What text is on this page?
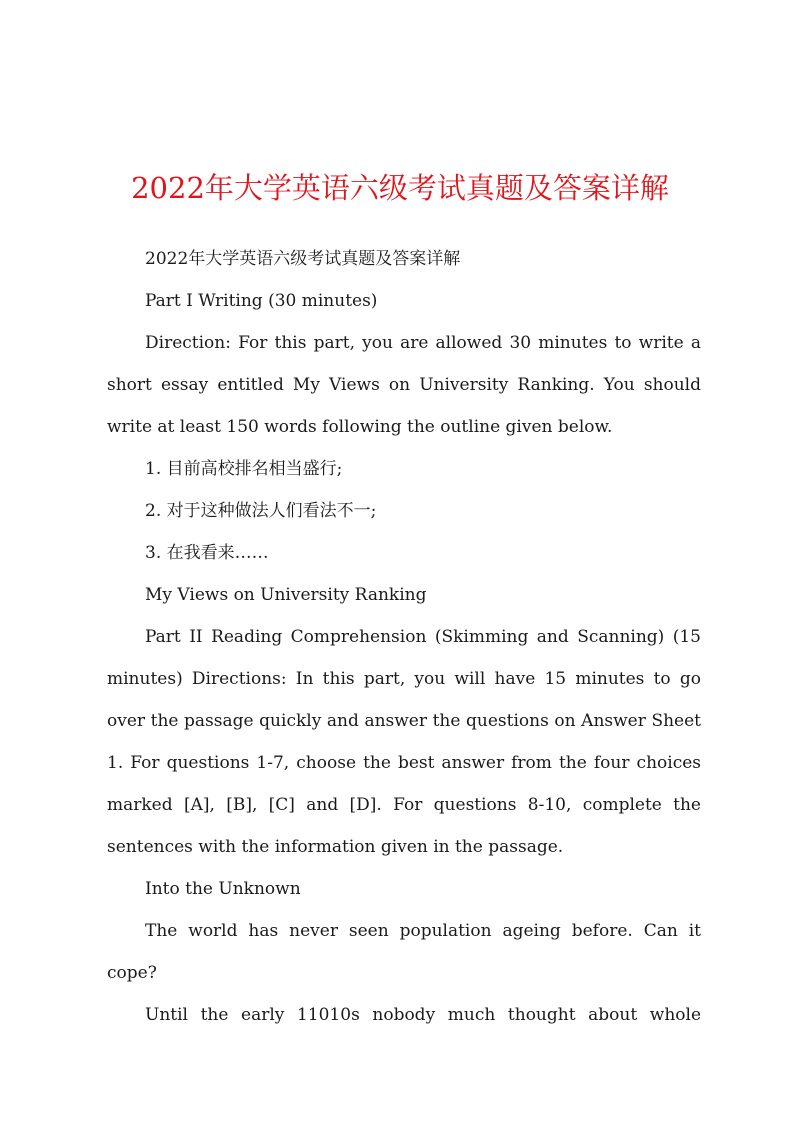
2022年大学英语六级考试真题及答案详解

2022年大学英语六级考试真题及答案详解

Part I Writing (30 minutes)

Direction: For this part, you are allowed 30 minutes to write a short essay entitled My Views on University Ranking. You should write at least 150 words following the outline given below.

1. 目前高校排名相当盛行;

2. 对于这种做法人们看法不一;

3. 在我看来……

My Views on University Ranking

Part II Reading Comprehension (Skimming and Scanning) (15 minutes) Directions: In this part, you will have 15 minutes to go over the passage quickly and answer the questions on Answer Sheet 1. For questions 1-7, choose the best answer from the four choices marked [A], [B], [C] and [D]. For questions 8-10, complete the sentences with the information given in the passage.

Into the Unknown

The world has never seen population ageing before. Can it cope?

Until the early 11010s nobody much thought about whole
